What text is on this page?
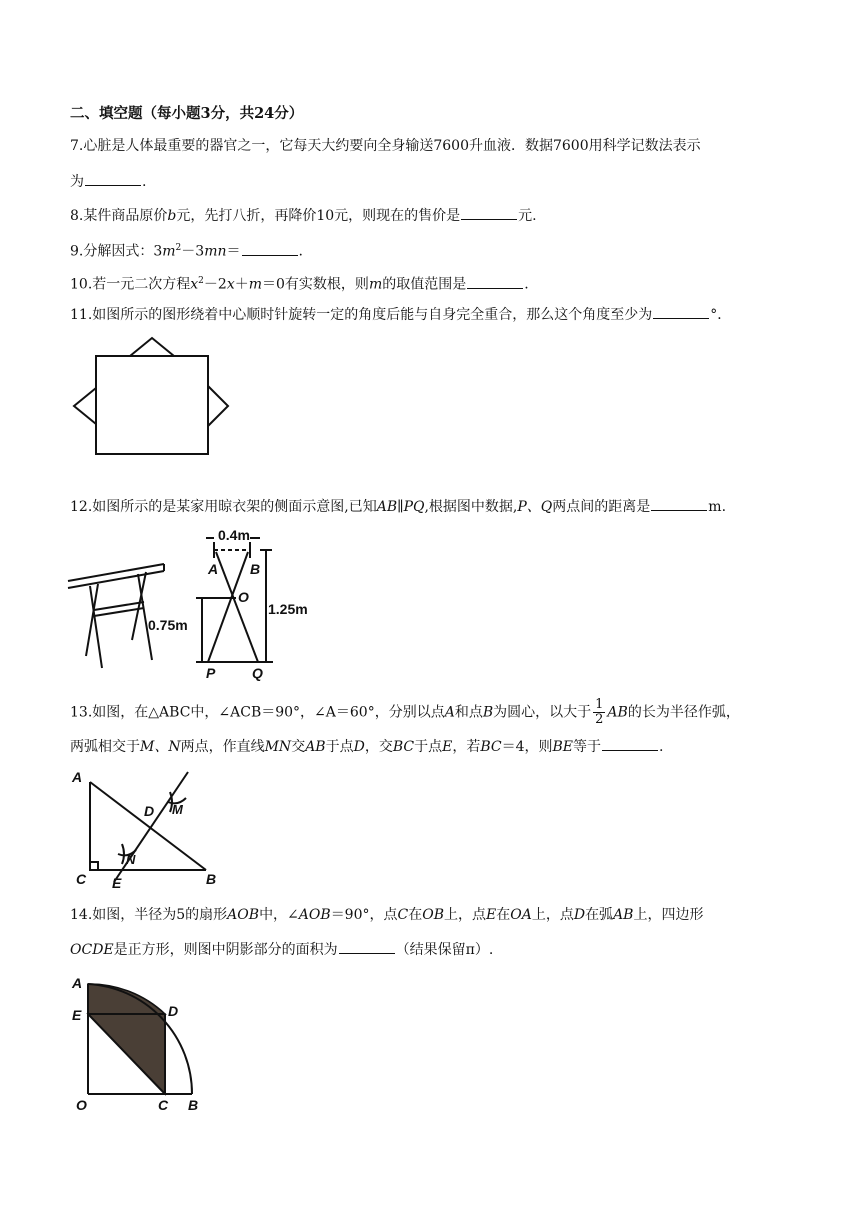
二、填空题（每小题3分，共24分）
7.心脏是人体最重要的器官之一，它每天大约要向全身输送7600升血液．数据7600用科学记数法表示
为	.
8.某件商品原价b元，先打八折，再降价10元，则现在的售价是	元.
9.分解因式：$3m^2-3mn=$	.
10.若一元二次方程$x^2-2x+m=0$有实数根，则m的取值范围是	.
11.如图所示的图形绕着中心顺时针旋转一定的角度后能与自身完全重合，那么这个角度至少为	°．
12.如图所示的是某家用晾衣架的侧面示意图,已知AB∥PQ,根据图中数据,P、Q两点间的距离是	m.
0.4m
A B
O
0.75m
1.25m
P	Q
13.如图，在△ABC中，∠ACB＝90°，∠A＝60°，分别以点A和点B为圆心，以大于 $\frac{1}{2}$ AB的长为半径作弧，
两弧相交于M、N两点，作直线MN交AB于点D，交BC于点E，若BC＝4，则BE等于	.
A
D M
N
C E	B
14.如图，半径为5的扇形AOB中，∠AOB＝90°，点C在OB上，点E在OA上，点D在弧AB上，四边形
OCDE是正方形，则图中阴影部分的面积为	（结果保留π）.
A
E	D
O	C B
